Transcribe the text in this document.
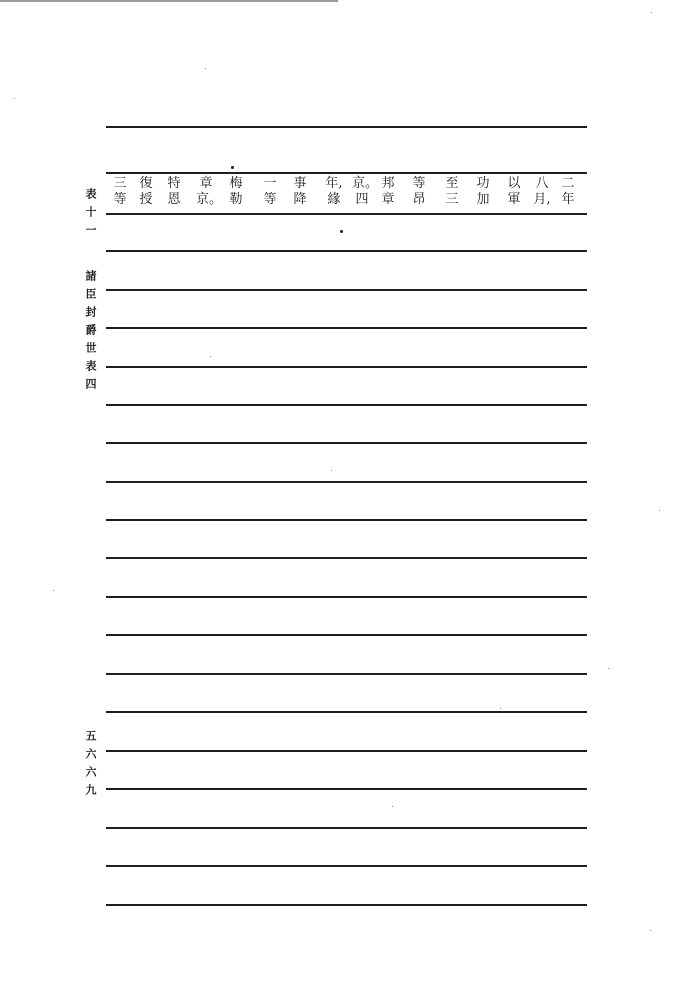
表十一
諸臣封爵世表四
五六六九
二
年
八
月,
以
軍
功
加
至
三
等
昂
邦
章
京。
四
年,
緣
事
降
一
等
梅
勒
章
京。
特
恩
復
授
三
等
